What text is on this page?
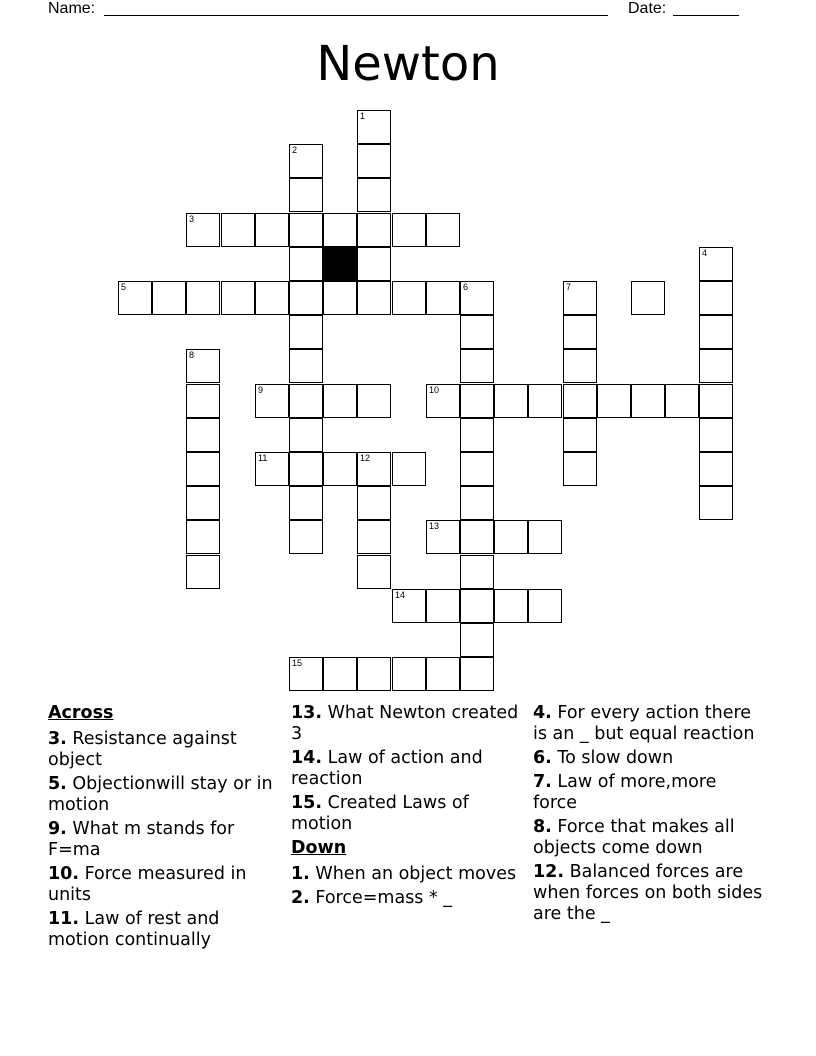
Name:	Date:
Newton
1
2
3
4
5	6	7
8
9	10
11	12
13
14
15
Across
3. Resistance against object
5. Objectionwill stay or in motion
9. What m stands for F=ma
10. Force measured in units
11. Law of rest and motion continually
13. What Newton created 3
14. Law of action and reaction
15. Created Laws of motion
Down
1. When an object moves
2. Force=mass * _
4. For every action there is an _ but equal reaction
6. To slow down
7. Law of more,more force
8. Force that makes all objects come down
12. Balanced forces are when forces on both sides are the _
